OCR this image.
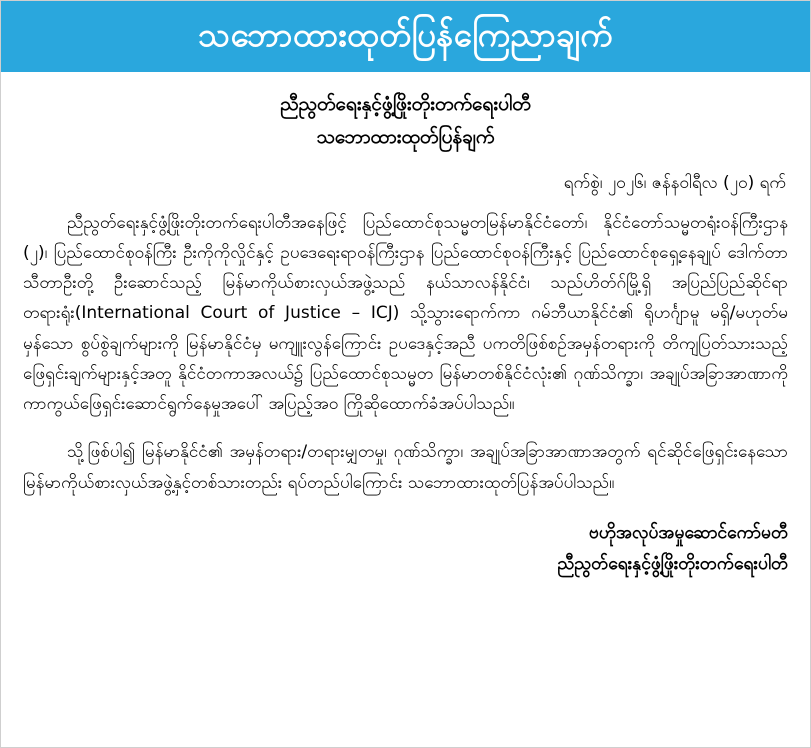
သဘောထားထုတ်ပြန်ကြေညာချက်
ညီညွတ်‌ရေးနှင့်ဖွံ့ဖြိုးတိုးတက်ရေးပါတီ
သဘောထားထုတ်ပြန်ချက်
ရက်စွဲ၊ ၂၀၂၆၊ ဇန်နဝါရီလ (၂၀) ရက်

ညီညွတ်ရေးနှင့်ဖွံ့ဖြိုးတိုးတက်ရေးပါတီအနေဖြင့် ပြည်ထောင်စုသမ္မတမြန်မာနိုင်ငံတော်၊ နိုင်ငံတော်သမ္မတရုံးဝန်ကြီးဌာန (၂)၊ ပြည်ထောင်စုဝန်ကြီး ဦးကိုကိုလှိုင်နှင့် ဥပဒေရေးရာဝန်ကြီးဌာန ပြည်ထောင်စုဝန်ကြီးနှင့် ပြည်ထောင်စုရှေ့နေချုပ် ဒေါက်တာသီတာဦးတို့ ဦးဆောင်သည့် မြန်မာကိုယ်စားလှယ်အဖွဲ့သည် နယ်သာလန်နိုင်ငံ၊ သည်ဟိတ်ဂ်မြို့ရှိ အပြည်ပြည်ဆိုင်ရာတရားရုံး(International Court of Justice – ICJ) သို့သွားရောက်ကာ ဂမ်ဘီယာနိုင်ငံ၏ ရိုဟင်္ဂျာမူ မရှိ/မဟုတ်မမှန်သော စွပ်စွဲချက်များကို မြန်မာနိုင်ငံမှ မကျူးလွန်ကြောင်း ဥပဒေနှင့်အညီ ပကတိဖြစ်စဉ်အမှန်တရားကို တိကျပြတ်သားသည့် ဖြေရှင်းချက်များနှင့်အတူ နိုင်ငံတကာအလယ်၌ ပြည်ထောင်စုသမ္မတ မြန်မာတစ်နိုင်ငံလုံး၏ ဂုဏ်သိက္ခာ၊ အချုပ်အခြာအာဏာကို ကာကွယ်ဖြေရှင်းဆောင်ရွက်နေမှုအပေါ် အပြည့်အဝ ကြိုဆိုထောက်ခံအပ်ပါသည်။

သို့ဖြစ်ပါ၍ မြန်မာနိုင်ငံ၏ အမှန်တရား/တရားမျှတမှု၊ ဂုဏ်သိက္ခာ၊ အချုပ်အခြာအာဏာအတွက် ရင်ဆိုင်ဖြေရှင်းနေသော မြန်မာကိုယ်စားလှယ်အဖွဲ့နှင့်တစ်သားတည်း ရပ်တည်ပါကြောင်း သဘောထားထုတ်ပြန်အပ်ပါသည်။

ဗဟိုအလုပ်အမှုဆောင်ကော်မတီ
ညီညွတ်ရေးနှင့်ဖွံ့ဖြိုးတိုးတက်ရေးပါတီ
